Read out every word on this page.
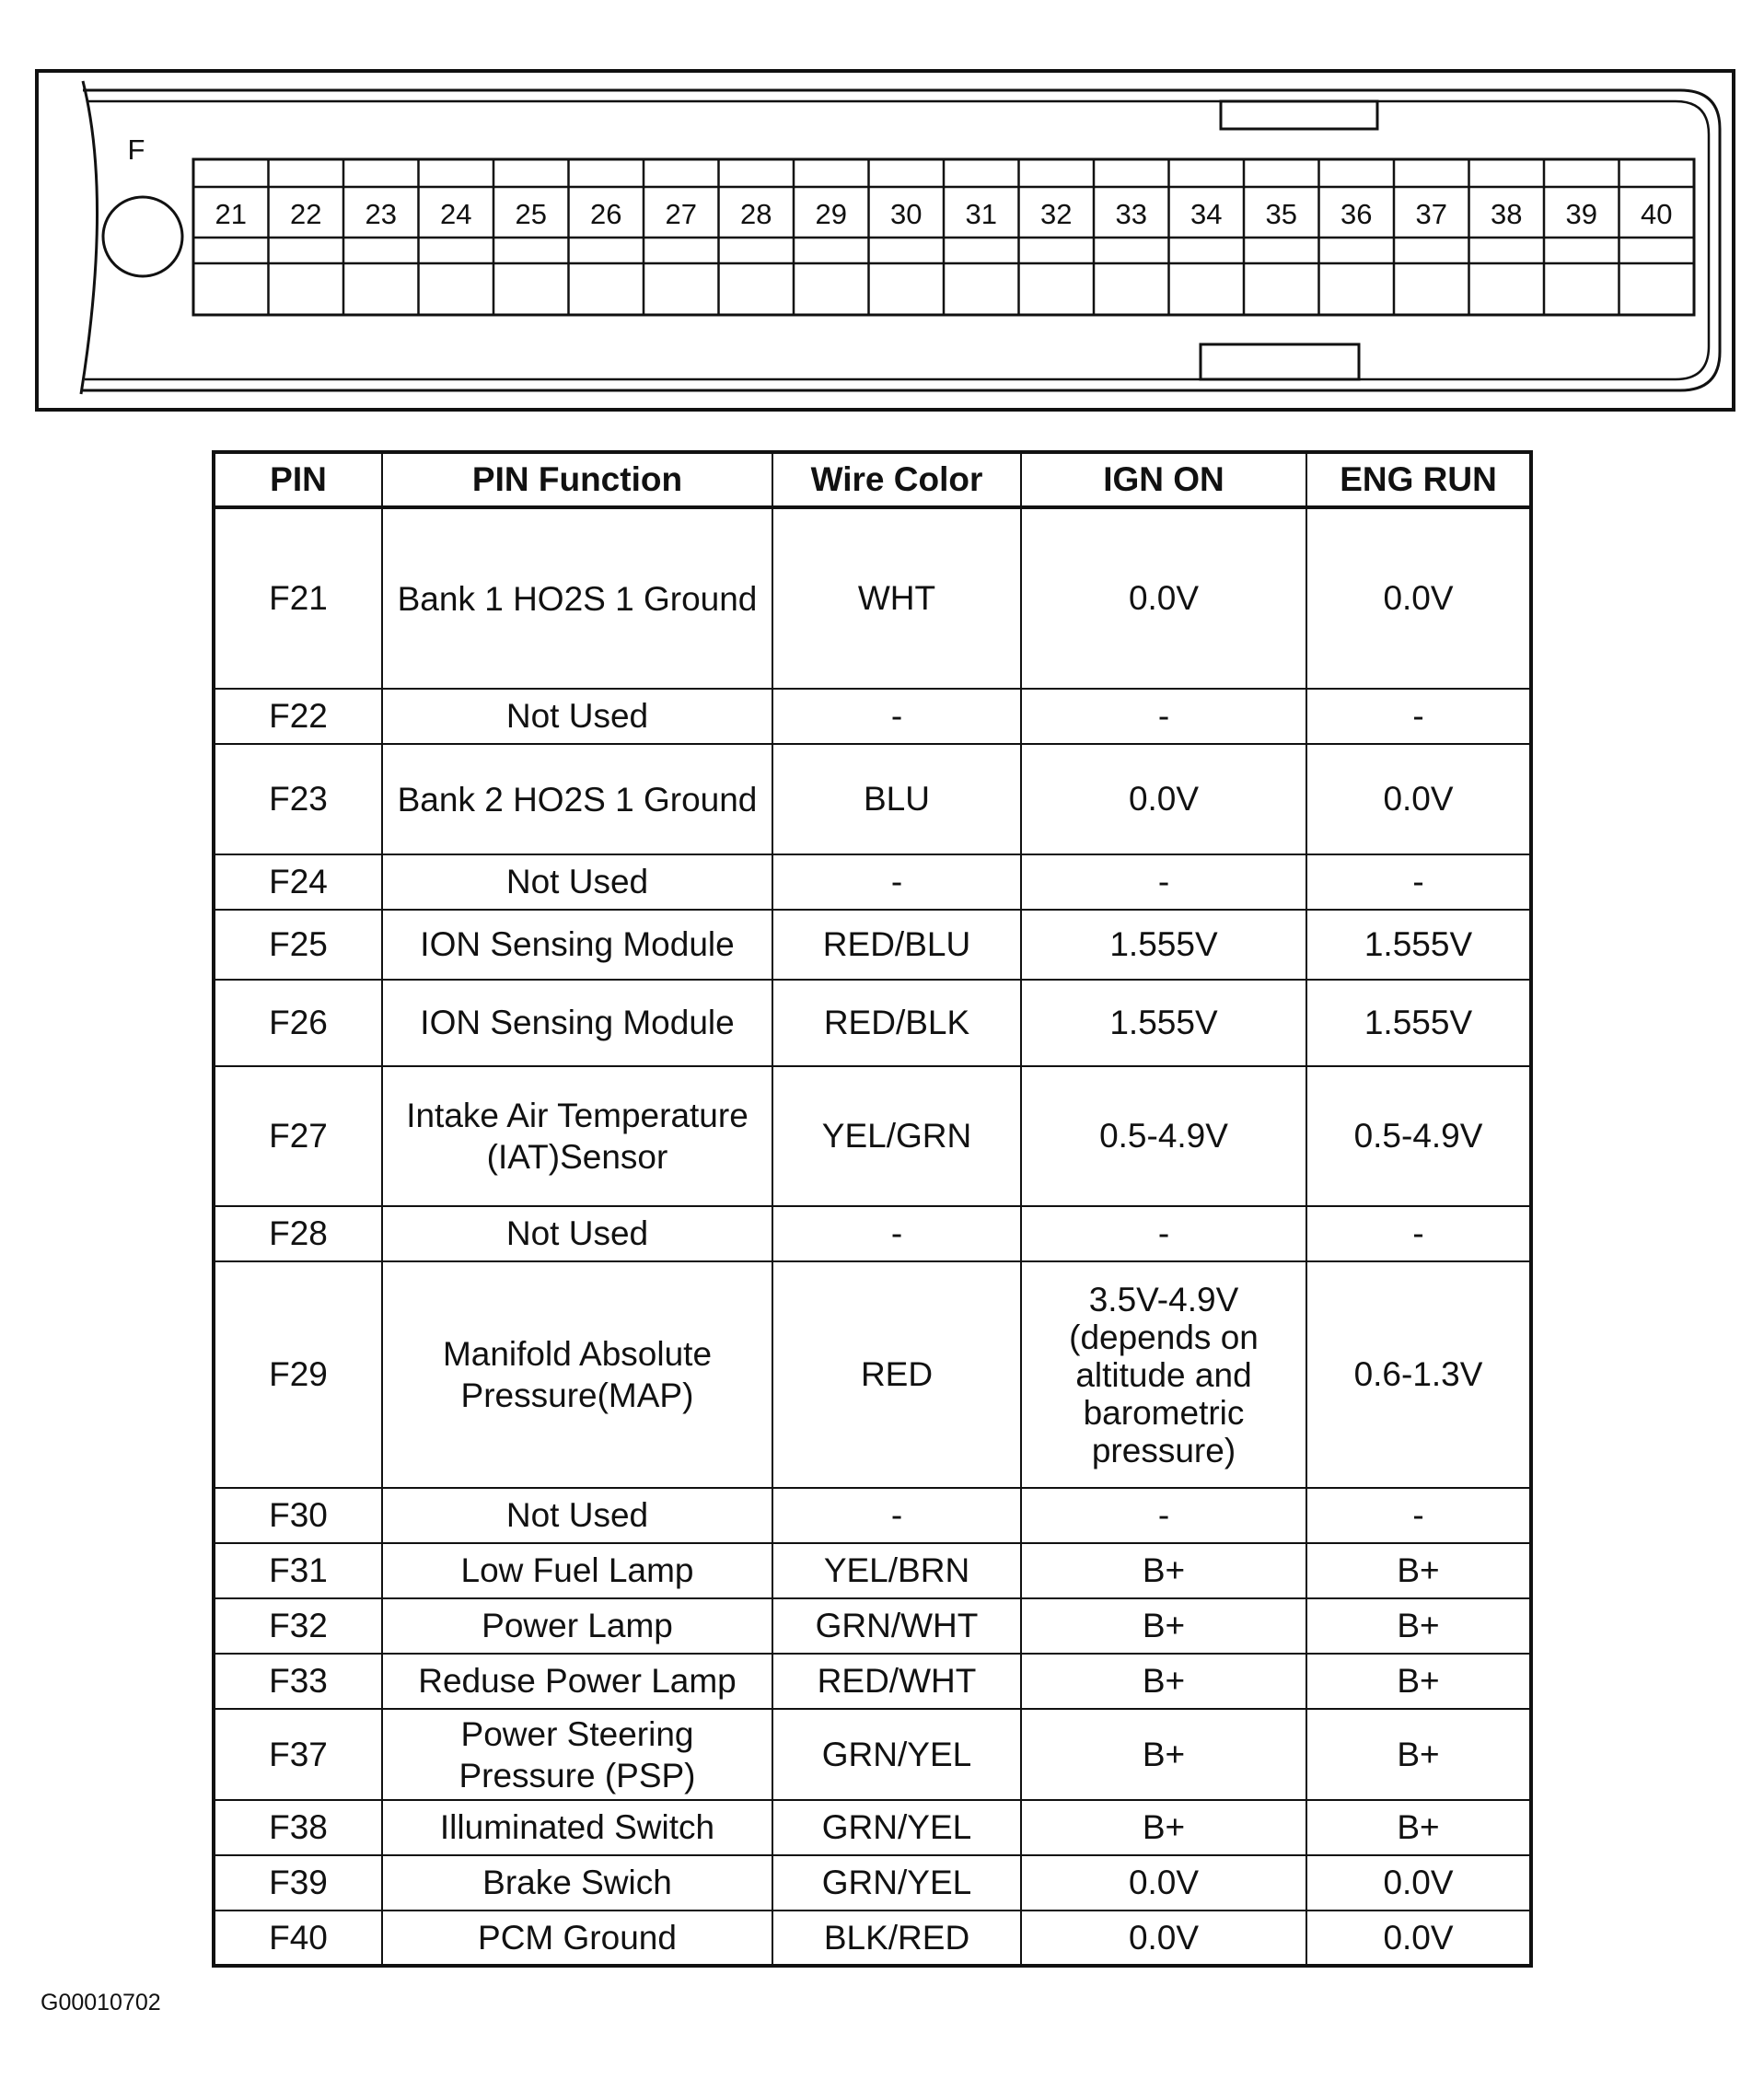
F
21 22 23 24 25 26 27 28 29 30 31 32 33 34 35 36 37 38 39 40
PIN	PIN Function	Wire Color	IGN ON	ENG RUN
F21	Bank 1 HO2S 1 Ground	WHT	0.0V	0.0V
F22	Not Used	-	-	-
F23	Bank 2 HO2S 1 Ground	BLU	0.0V	0.0V
F24	Not Used	-	-	-
F25	ION Sensing Module	RED/BLU	1.555V	1.555V
F26	ION Sensing Module	RED/BLK	1.555V	1.555V
F27	Intake Air Temperature (IAT)Sensor	YEL/GRN	0.5-4.9V	0.5-4.9V
F28	Not Used	-	-	-
F29	Manifold Absolute Pressure(MAP)	RED	3.5V-4.9V (depends on altitude and barometric pressure)	0.6-1.3V
F30	Not Used	-	-	-
F31	Low Fuel Lamp	YEL/BRN	B+	B+
F32	Power Lamp	GRN/WHT	B+	B+
F33	Reduse Power Lamp	RED/WHT	B+	B+
F37	Power Steering Pressure (PSP)	GRN/YEL	B+	B+
F38	Illuminated Switch	GRN/YEL	B+	B+
F39	Brake Swich	GRN/YEL	0.0V	0.0V
F40	PCM Ground	BLK/RED	0.0V	0.0V
G00010702
